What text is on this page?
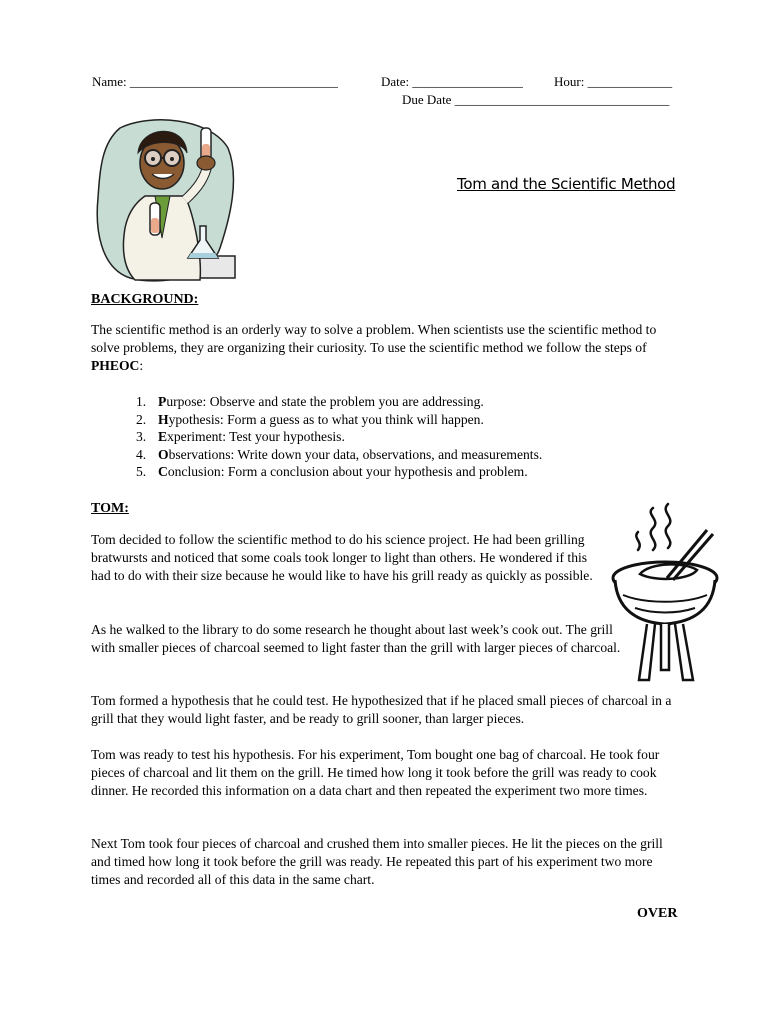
Name: ________________________________	Date: _________________ Hour: _____________
Due Date _________________________________
Tom and the Scientific Method
BACKGROUND:
The scientific method is an orderly way to solve a problem. When scientists use the scientific method to solve problems, they are organizing their curiosity. To use the scientific method we follow the steps of PHEOC:
1. Purpose: Observe and state the problem you are addressing.
2. Hypothesis: Form a guess as to what you think will happen.
3. Experiment: Test your hypothesis.
4. Observations: Write down your data, observations, and measurements.
5. Conclusion: Form a conclusion about your hypothesis and problem.
TOM:
Tom decided to follow the scientific method to do his science project. He had been grilling bratwursts and noticed that some coals took longer to light than others. He wondered if this had to do with their size because he would like to have his grill ready as quickly as possible.
As he walked to the library to do some research he thought about last week’s cook out. The grill with smaller pieces of charcoal seemed to light faster than the grill with larger pieces of charcoal.
Tom formed a hypothesis that he could test. He hypothesized that if he placed small pieces of charcoal in a grill that they would light faster, and be ready to grill sooner, than larger pieces.
Tom was ready to test his hypothesis. For his experiment, Tom bought one bag of charcoal. He took four pieces of charcoal and lit them on the grill. He timed how long it took before the grill was ready to cook dinner. He recorded this information on a data chart and then repeated the experiment two more times.
Next Tom took four pieces of charcoal and crushed them into smaller pieces. He lit the pieces on the grill and timed how long it took before the grill was ready. He repeated this part of his experiment two more times and recorded all of this data in the same chart.
OVER
